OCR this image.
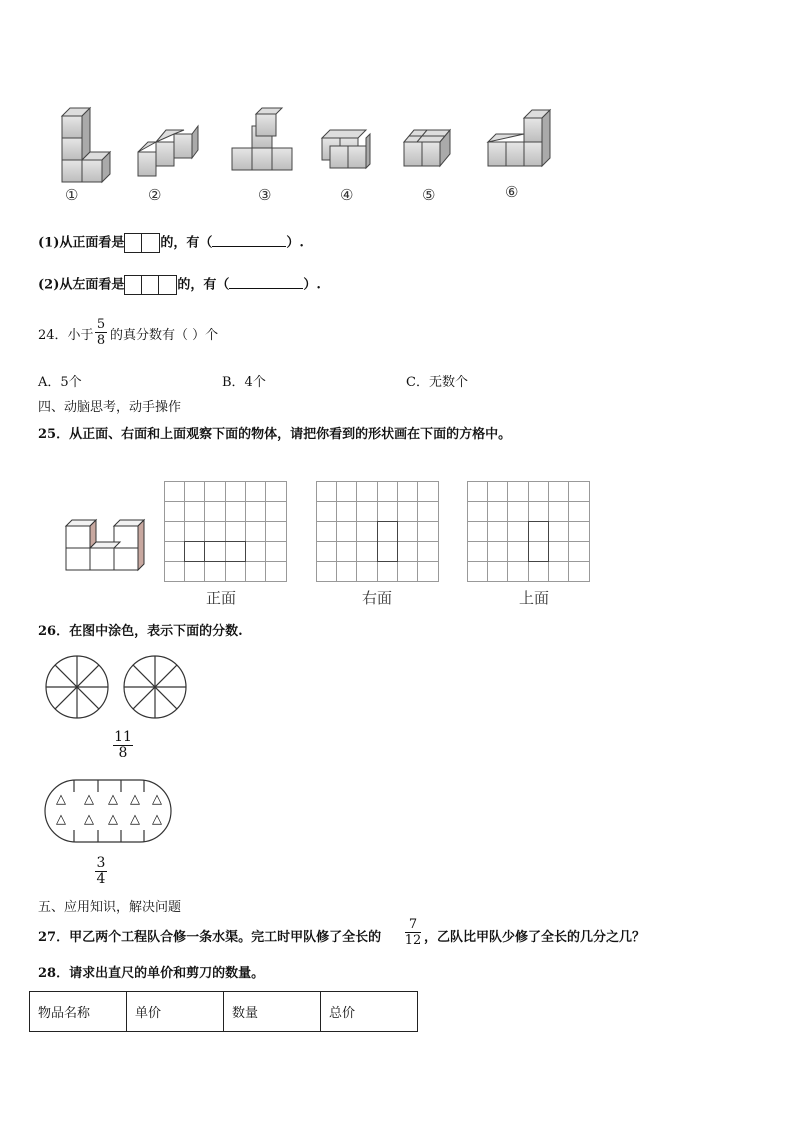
①	②	③	④	⑤	⑥
(1)从正面看是	的，有（	）.
(2)从左面看是	的，有（	）.
24．小于
5
8 的真分数有（ ）个
A．5个	B．4个	C．无数个
四、动脑思考，动手操作
25．从正面、右面和上面观察下面的物体，请把你看到的形状画在下面的方格中。
正面	右面	上面
26．在图中涂色，表示下面的分数.
11
8
△ △ △ △ △
△ △ △ △ △
3
4
五、应用知识，解决问题
27．甲乙两个工程队合修一条水渠。完工时甲队修了全长的
7
12 ，乙队比甲队少修了全长的几分之几？
28．请求出直尺的单价和剪刀的数量。
物品名称	单价	数量	总价
